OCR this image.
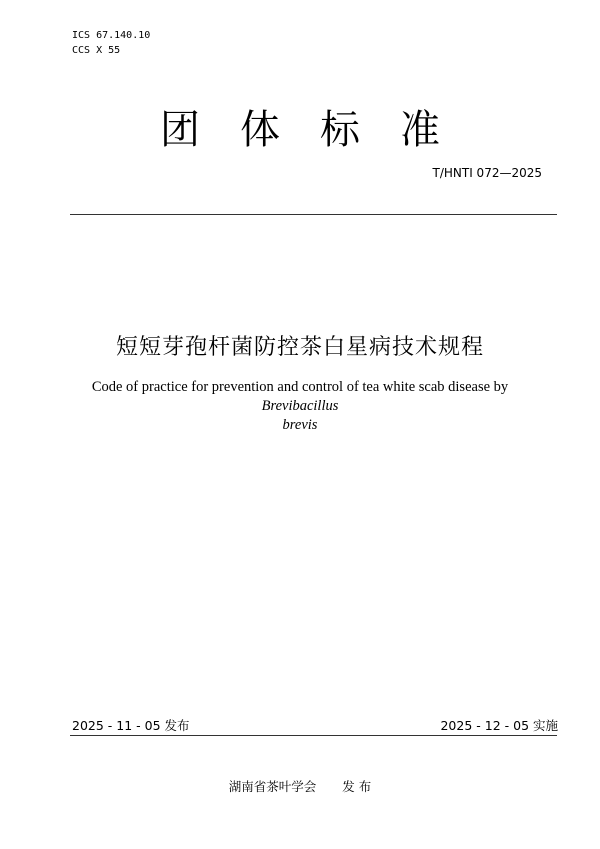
ICS 67.140.10
CCS X 55
团 体 标 准
T/HNTI 072—2025
短短芽孢杆菌防控茶白星病技术规程
Code of practice for prevention and control of tea white scab disease by Brevibacillus
brevis
2025 - 11 - 05 发布	2025 - 12 - 05 实施
湖南省茶叶学会 发 布
